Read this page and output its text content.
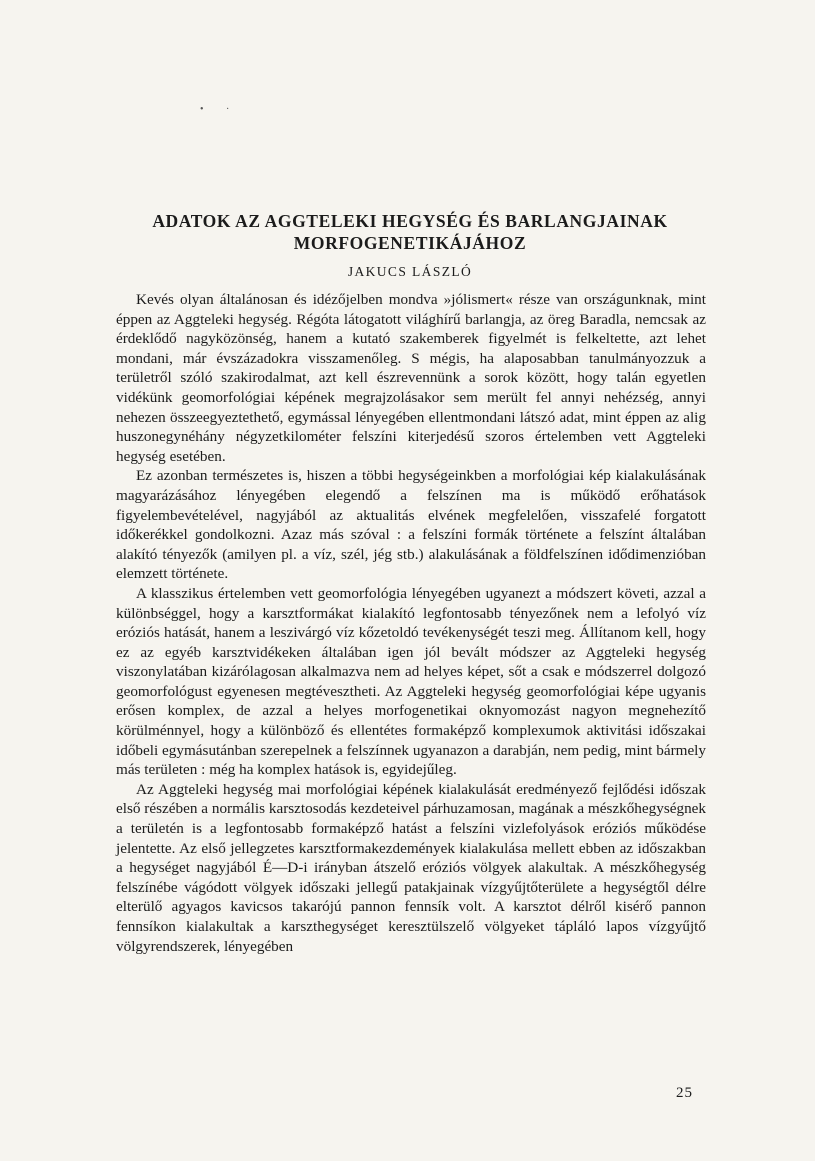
• ·
ADATOK AZ AGGTELEKI HEGYSÉG ÉS BARLANGJAINAK
MORFOGENETIKÁJÁHOZ
JAKUCS LÁSZLÓ

Kevés olyan általánosan és idézőjelben mondva »jólismert« része van országunknak, mint éppen az Aggteleki hegység. Régóta látogatott világhírű barlangja, az öreg Baradla, nemcsak az érdeklődő nagyközönség, hanem a kutató szakemberek figyelmét is felkeltette, azt lehet mondani, már évszázadokra visszamenőleg. S mégis, ha alaposabban tanulmányozzuk a területről szóló szakirodalmat, azt kell észrevennünk a sorok között, hogy talán egyetlen vidékünk geomorfológiai képének megrajzolásakor sem merült fel annyi nehézség, annyi nehezen összeegyeztethető, egymással lényegében ellentmondani látszó adat, mint éppen az alig huszonegynéhány négyzetkilométer felszíni kiterjedésű szoros értelemben vett Aggteleki hegység esetében.

Ez azonban természetes is, hiszen a többi hegységeinkben a morfológiai kép kialakulásának magyarázásához lényegében elegendő a felszínen ma is működő erőhatások figyelembevételével, nagyjából az aktualitás elvének megfelelően, visszafelé forgatott időkerékkel gondolkozni. Azaz más szóval : a felszíni formák története a felszínt általában alakító tényezők (amilyen pl. a víz, szél, jég stb.) alakulásának a földfelszínen idődimenzióban elemzett története.

A klasszikus értelemben vett geomorfológia lényegében ugyanezt a módszert követi, azzal a különbséggel, hogy a karsztformákat kialakító legfontosabb tényezőnek nem a lefolyó víz eróziós hatását, hanem a leszivárgó víz kőzetoldó tevékenységét teszi meg. Állítanom kell, hogy ez az egyéb karsztvidékeken általában igen jól bevált módszer az Aggteleki hegység viszonylatában kizárólagosan alkalmazva nem ad helyes képet, sőt a csak e módszerrel dolgozó geomorfológust egyenesen megtévesztheti. Az Aggteleki hegység geomorfológiai képe ugyanis erősen komplex, de azzal a helyes morfogenetikai oknyomozást nagyon megnehezítő körülménnyel, hogy a különböző és ellentétes formaképző komplexumok aktivitási időszakai időbeli egymásutánban szerepelnek a felszínnek ugyanazon a darabján, nem pedig, mint bármely más területen : még ha komplex hatások is, egyidejűleg.

Az Aggteleki hegység mai morfológiai képének kialakulását eredményező fejlődési időszak első részében a normális karsztosodás kezdeteivel párhuzamosan, magának a mészkőhegységnek a területén is a legfontosabb formaképző hatást a felszíni vizlefolyások eróziós működése jelentette. Az első jellegzetes karsztformakezdemények kialakulása mellett ebben az időszakban a hegységet nagyjából É—D-i irányban átszelő eróziós völgyek alakultak. A mészkőhegység felszínébe vágódott völgyek időszaki jellegű patakjainak vízgyűjtőterülete a hegységtől délre elterülő agyagos kavicsos takarójú pannon fennsík volt. A karsztot délről kisérő pannon fennsíkon kialakultak a karszthegységet keresztülszelő völgyeket tápláló lapos vízgyűjtő völgyrendszerek, lényegében

25
